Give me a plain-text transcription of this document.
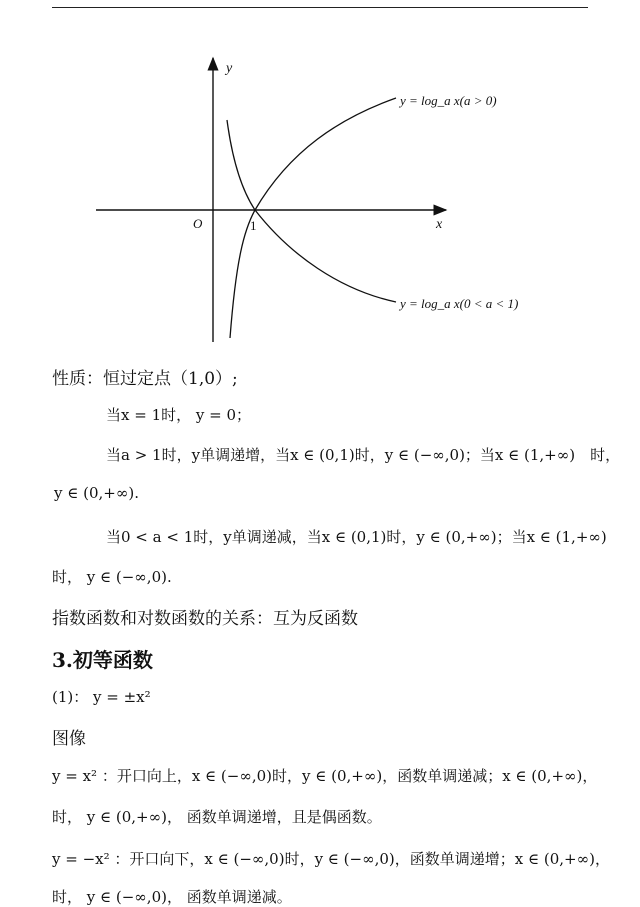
y
x
O	1
y = log_a x(a > 0)
y = log_a x(0 < a < 1)
性质：恒过定点（1,0）;
当x = 1时， y = 0；
当a > 1时，y单调递增，当x ∈ (0,1)时，y ∈ (−∞,0)；当x ∈ (1,+∞)　时，
y ∈ (0,+∞).
当0 < a < 1时，y单调递减，当x ∈ (0,1)时，y ∈ (0,+∞)；当x ∈ (1,+∞)
时， y ∈ (−∞,0).
指数函数和对数函数的关系：互为反函数
3.初等函数
(1)： y = ±x²
图像
y = x² ：开口向上，x ∈ (−∞,0)时，y ∈ (0,+∞)，函数单调递减；x ∈ (0,+∞)，
时， y ∈ (0,+∞)， 函数单调递增，且是偶函数。
y = −x² ：开口向下，x ∈ (−∞,0)时，y ∈ (−∞,0)，函数单调递增；x ∈ (0,+∞)，
时， y ∈ (−∞,0)， 函数单调递减。
